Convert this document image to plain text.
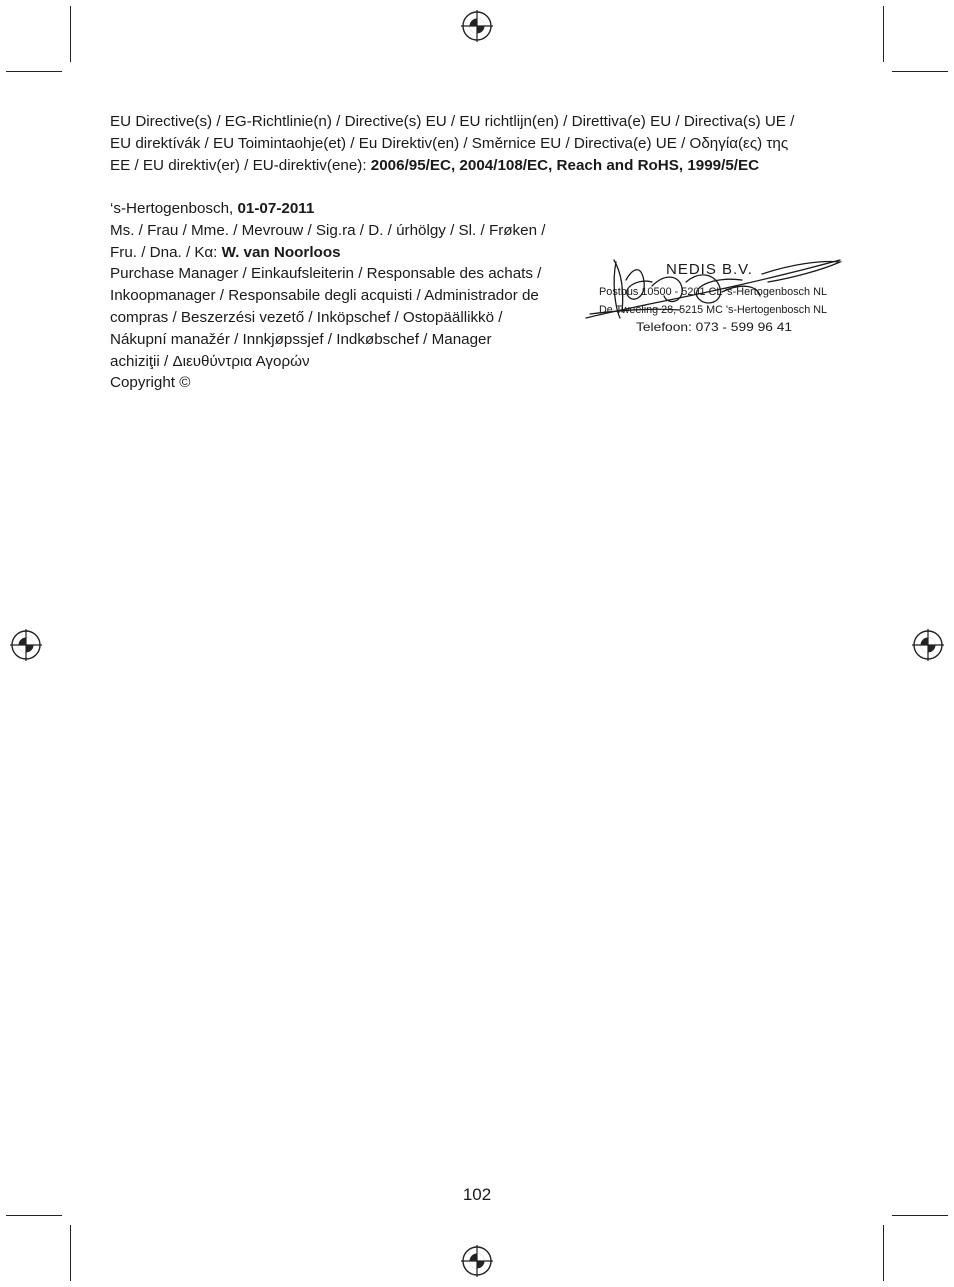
EU Directive(s) / EG-Richtlinie(n) / Directive(s) EU / EU richtlijn(en) / Direttiva(e) EU / Directiva(s) UE /
EU direktívák / EU Toimintaohje(et) / Eu Direktiv(en) / Směrnice EU / Directiva(e) UE / Οδηγία(ες) της
EE / EU direktiv(er) / EU-direktiv(ene): 2006/95/EC, 2004/108/EC, Reach and RoHS, 1999/5/EC
‘s-Hertogenbosch, 01-07-2011
Ms. / Frau / Mme. / Mevrouw / Sig.ra / D. / úrhölgy / Sl. / Frøken /
Fru. / Dna. / Κα: W. van Noorloos
Purchase Manager / Einkaufsleiterin / Responsable des achats /
Inkoopmanager / Responsabile degli acquisti / Administrador de
compras / Beszerzési vezető / Inköpschef / Ostopäällikkö /
Nákupní manažér / Innkjøpssjef / Indkøbschef / Manager
achiziţii / Διευθύντρια Αγορών
Copyright ©
NEDIS B.V.
Postbus 10500 - 5201 CL 's-Hertogenbosch NL
De Tweeling 28, 5215 MC 's-Hertogenbosch NL
Telefoon: 073 - 599 96 41
102
